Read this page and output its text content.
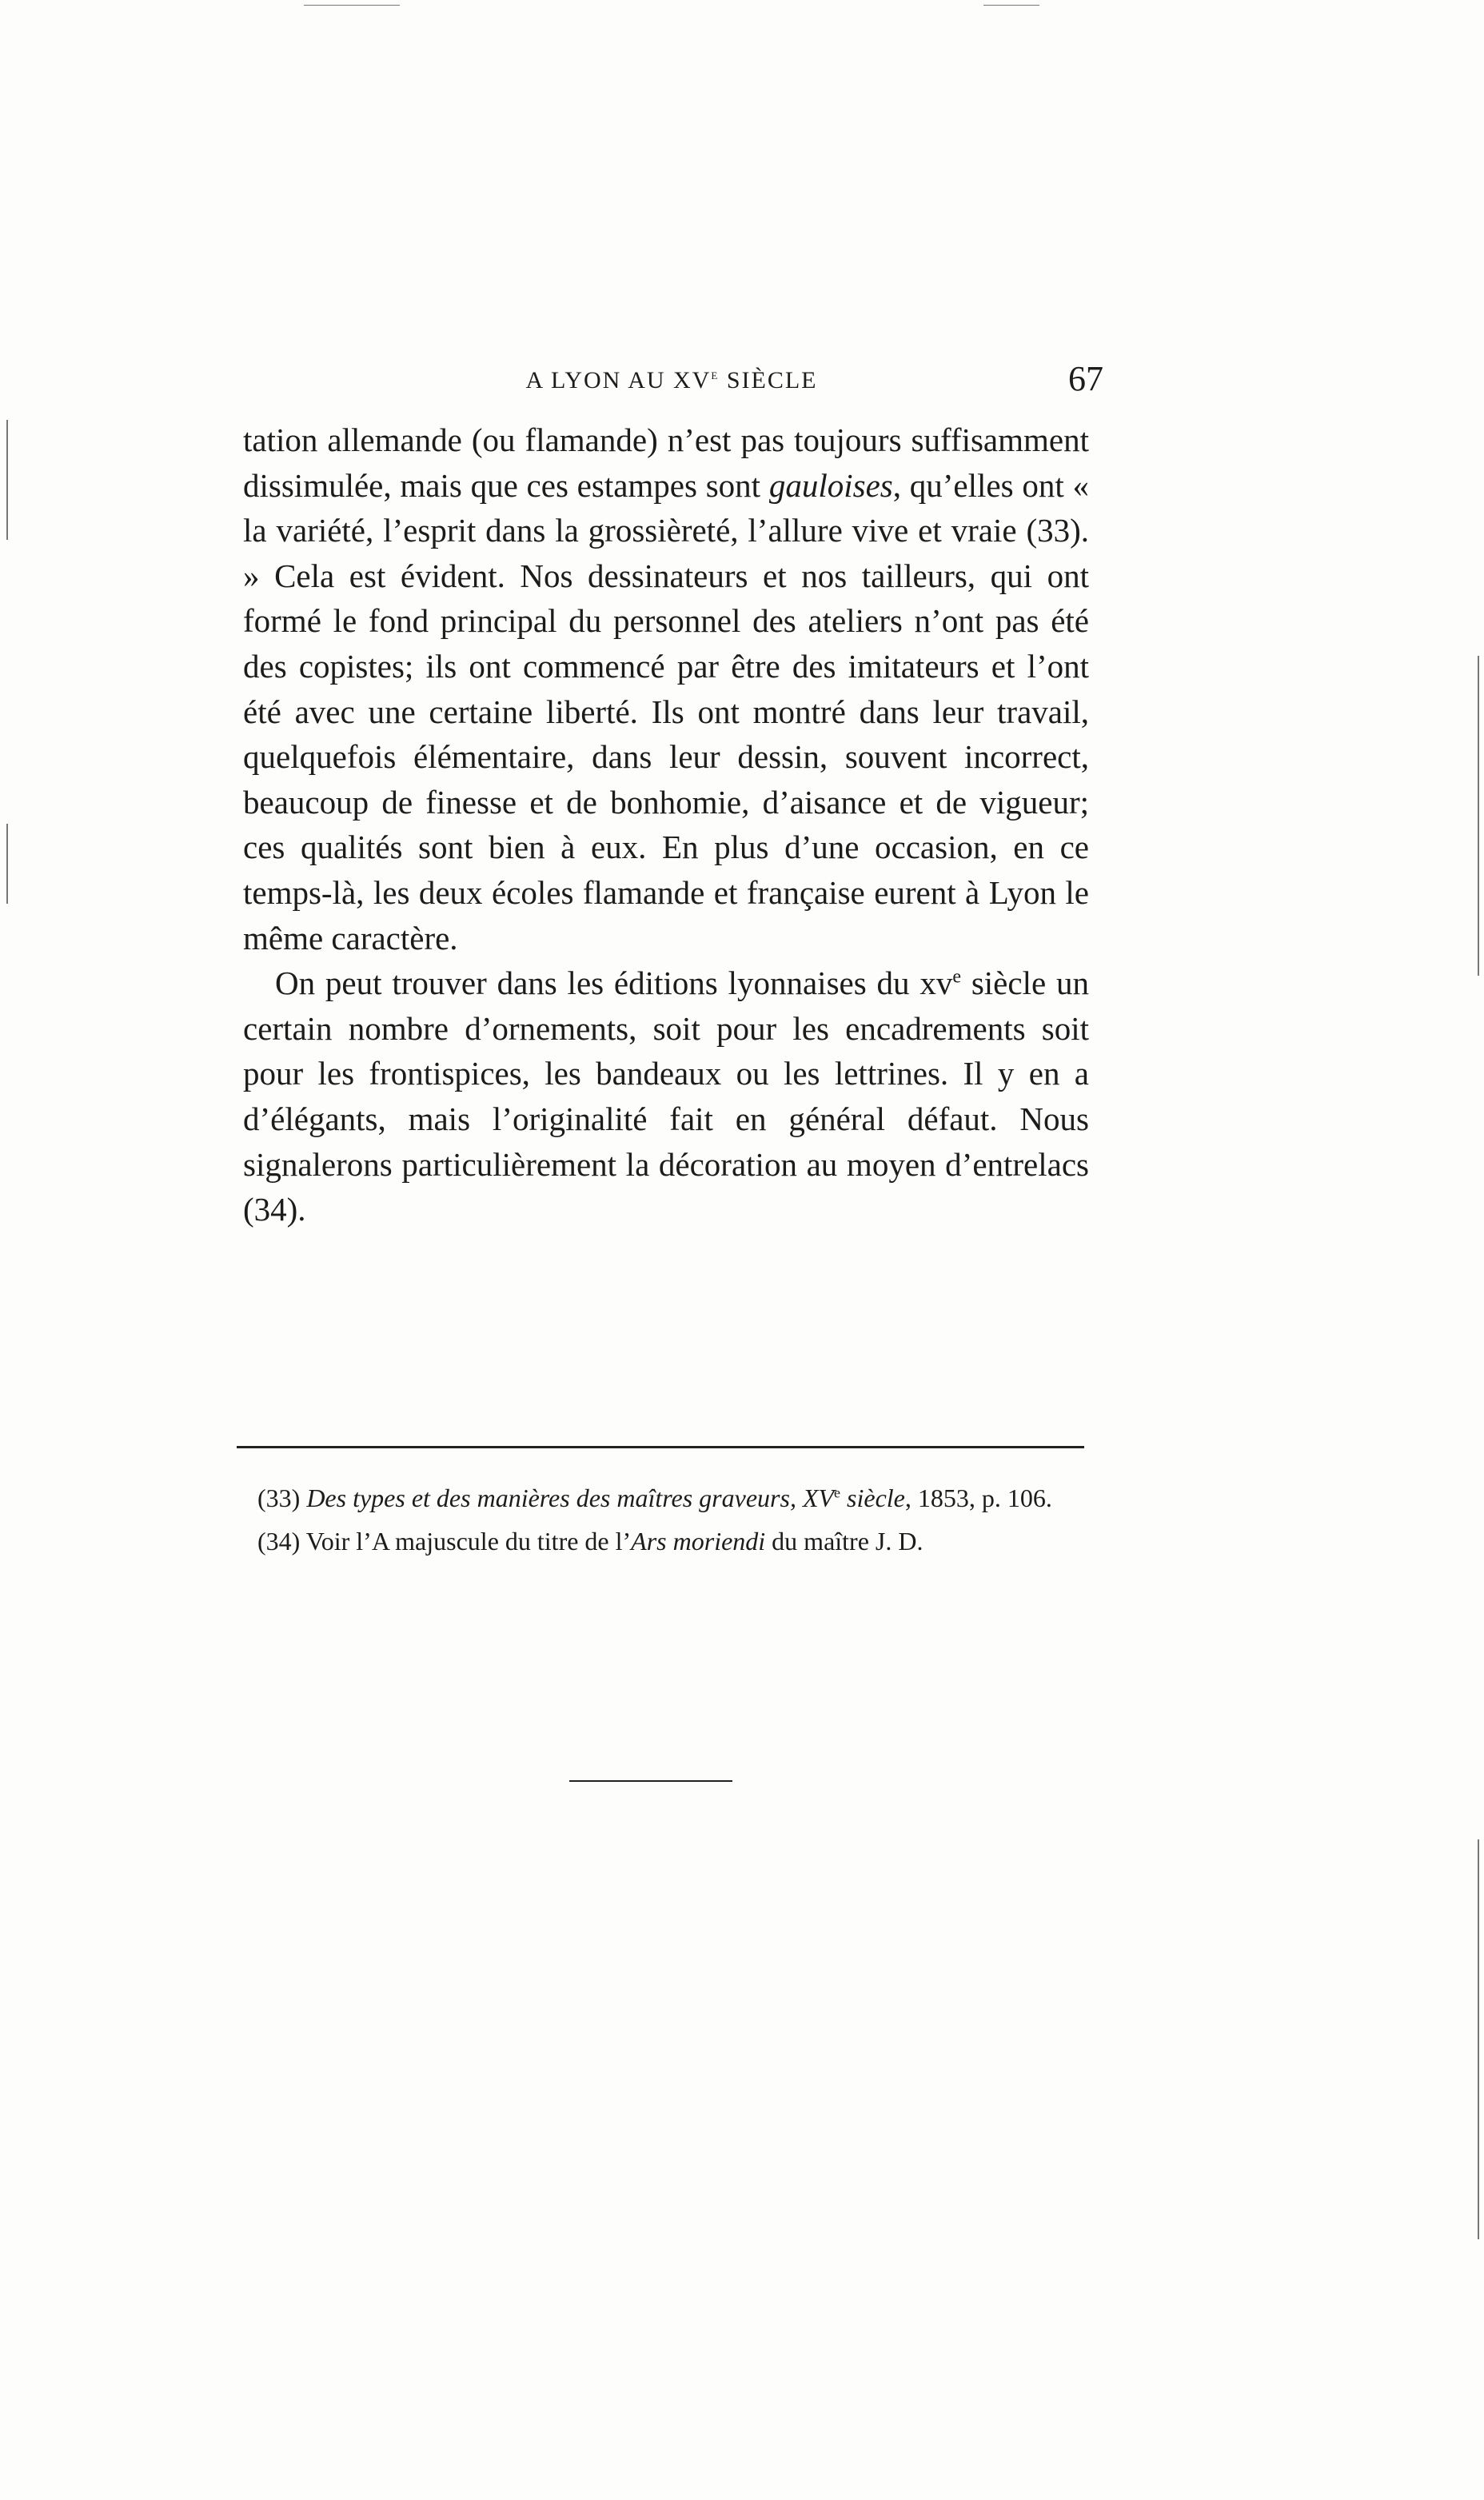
A LYON AU XVe SIÈCLE	67

tation allemande (ou flamande) n’est pas toujours suffisamment dissimulée, mais que ces estampes sont gauloises, qu’elles ont « la variété, l’esprit dans la grossièreté, l’allure vive et vraie (33). » Cela est évident. Nos dessinateurs et nos tailleurs, qui ont formé le fond principal du personnel des ateliers n’ont pas été des copistes; ils ont commencé par être des imitateurs et l’ont été avec une certaine liberté. Ils ont montré dans leur travail, quelquefois élémentaire, dans leur dessin, souvent incorrect, beaucoup de finesse et de bonhomie, d’aisance et de vigueur; ces qualités sont bien à eux. En plus d’une occasion, en ce temps-là, les deux écoles flamande et française eurent à Lyon le même caractère.

On peut trouver dans les éditions lyonnaises du $xv^e$ siècle un certain nombre d’ornements, soit pour les encadrements soit pour les frontispices, les bandeaux ou les lettrines. Il y en a d’élégants, mais l’originalité fait en général défaut. Nous signalerons particulièrement la décoration au moyen d’entrelacs (34).

(33) Des types et des manières des maîtres graveurs, XVe siècle, 1853, p. 106.

(34) Voir l’A majuscule du titre de l’Ars moriendi du maître J. D.
